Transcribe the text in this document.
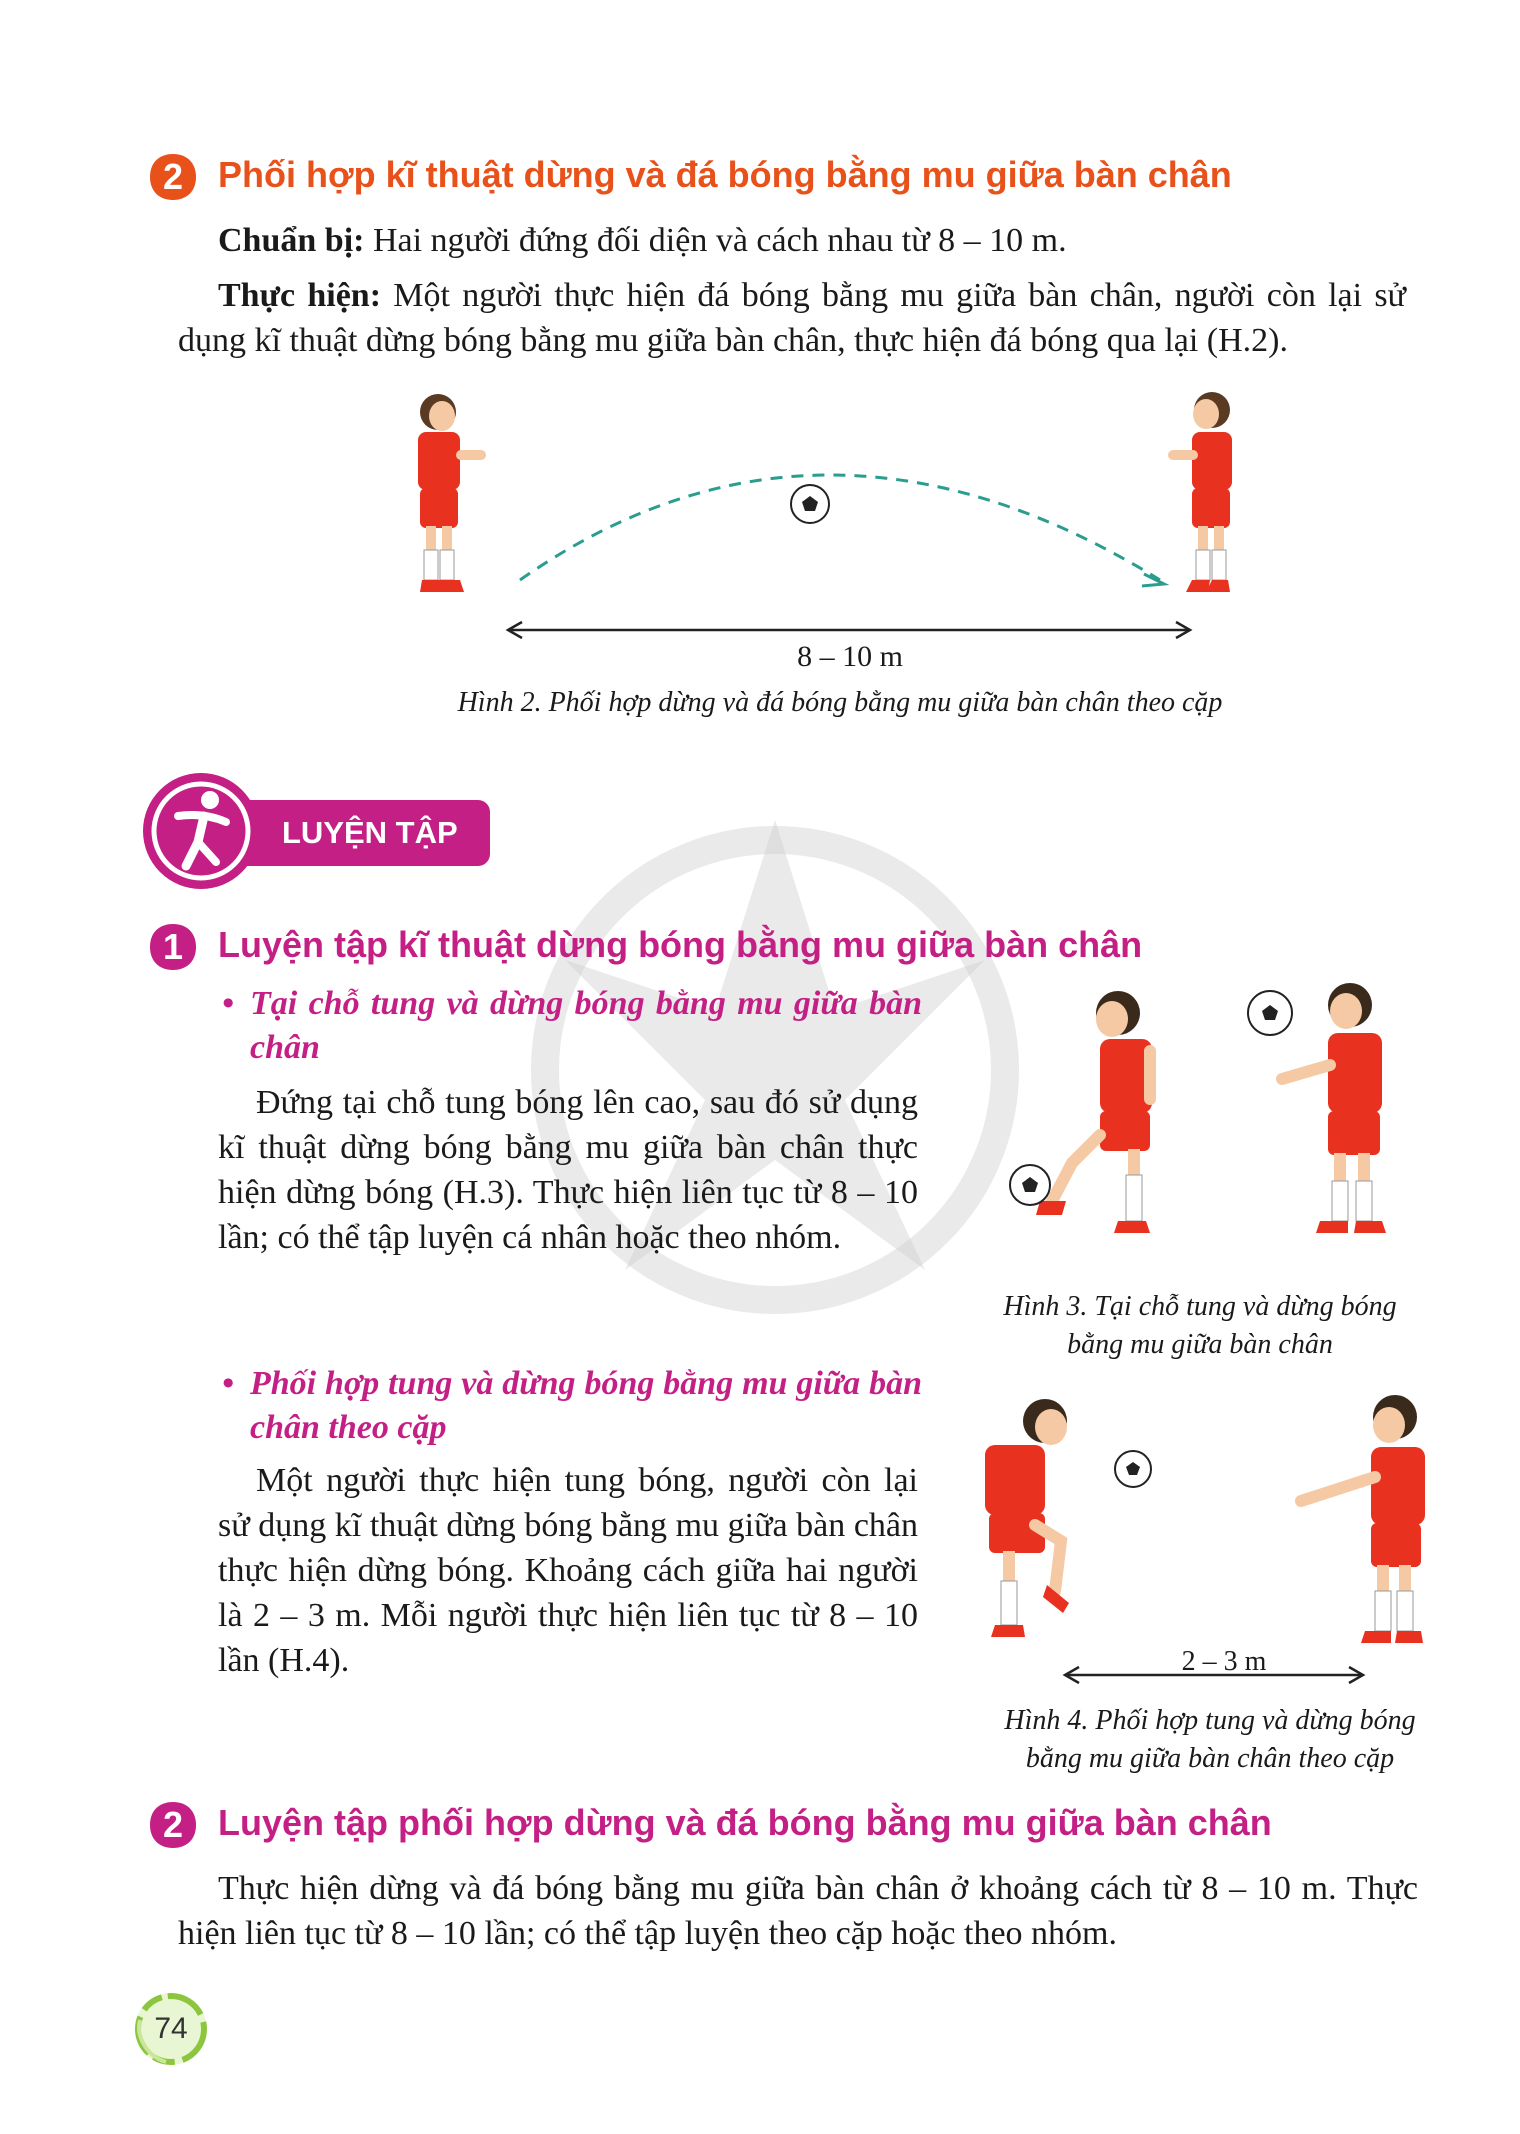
2 Phối hợp kĩ thuật dừng và đá bóng bằng mu giữa bàn chân
Chuẩn bị: Hai người đứng đối diện và cách nhau từ 8 – 10 m.
Thực hiện: Một người thực hiện đá bóng bằng mu giữa bàn chân, người còn lại sử dụng kĩ thuật dừng bóng bằng mu giữa bàn chân, thực hiện đá bóng qua lại (H.2).
8 – 10 m
Hình 2. Phối hợp dừng và đá bóng bằng mu giữa bàn chân theo cặp
LUYỆN TẬP
1 Luyện tập kĩ thuật dừng bóng bằng mu giữa bàn chân
• Tại chỗ tung và dừng bóng bằng mu giữa bàn chân
Đứng tại chỗ tung bóng lên cao, sau đó sử dụng kĩ thuật dừng bóng bằng mu giữa bàn chân thực hiện dừng bóng (H.3). Thực hiện liên tục từ 8 – 10 lần; có thể tập luyện cá nhân hoặc theo nhóm.
Hình 3. Tại chỗ tung và dừng bóng
bằng mu giữa bàn chân
• Phối hợp tung và dừng bóng bằng mu giữa bàn chân theo cặp
Một người thực hiện tung bóng, người còn lại sử dụng kĩ thuật dừng bóng bằng mu giữa bàn chân thực hiện dừng bóng. Khoảng cách giữa hai người là 2 – 3 m. Mỗi người thực hiện liên tục từ 8 – 10 lần (H.4).	2 – 3 m
Hình 4. Phối hợp tung và dừng bóng
bằng mu giữa bàn chân theo cặp
2 Luyện tập phối hợp dừng và đá bóng bằng mu giữa bàn chân
Thực hiện dừng và đá bóng bằng mu giữa bàn chân ở khoảng cách từ 8 – 10 m. Thực hiện liên tục từ 8 – 10 lần; có thể tập luyện theo cặp hoặc theo nhóm.
74
